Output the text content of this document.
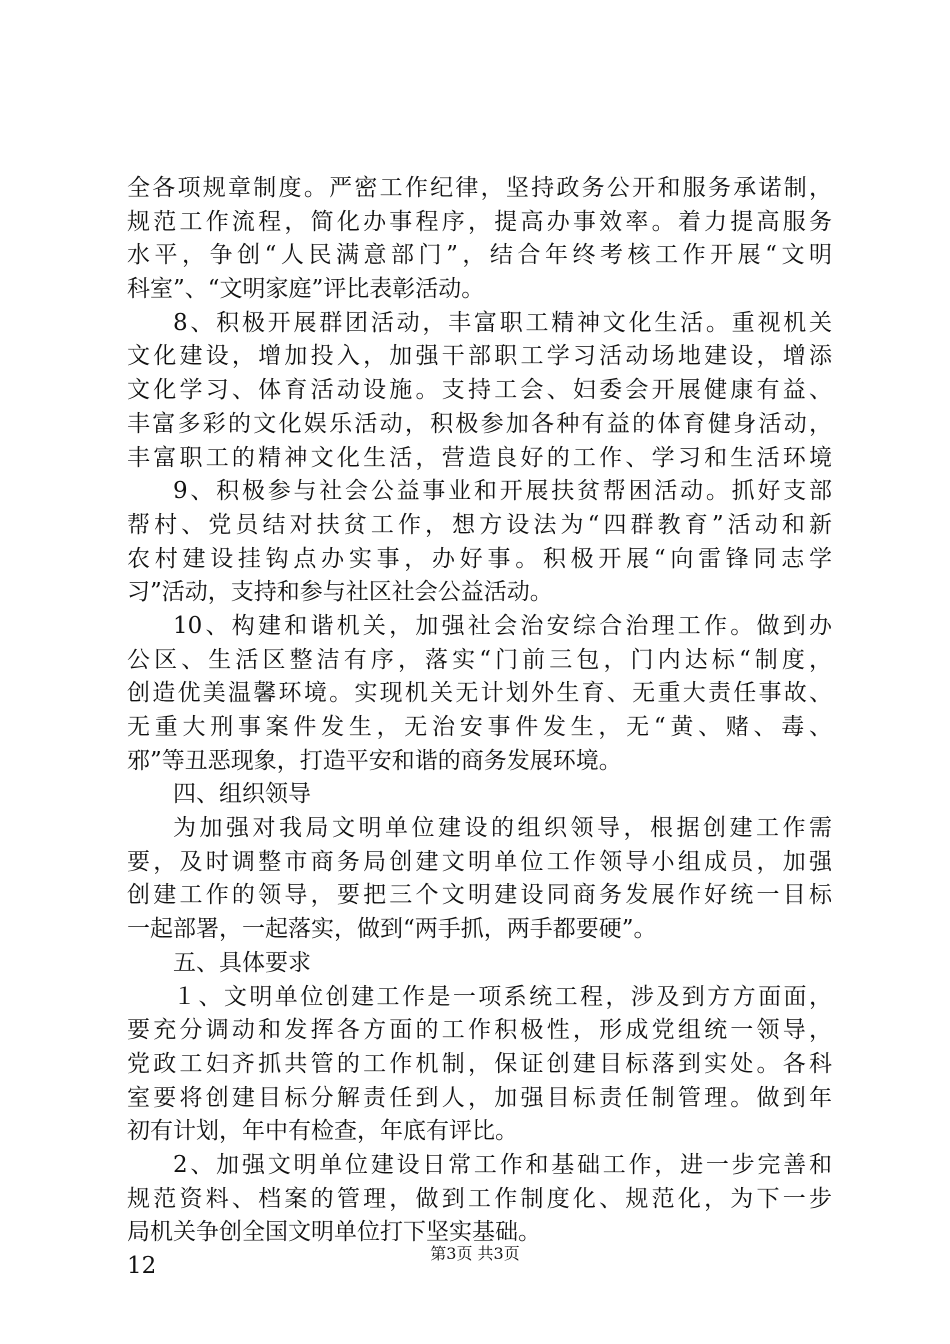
全各项规章制度。严密工作纪律，坚持政务公开和服务承诺制，
规范工作流程，简化办事程序，提高办事效率。着力提高服务
水平，争创“人民满意部门”，结合年终考核工作开展“文明
科室”、“文明家庭”评比表彰活动。
8、积极开展群团活动，丰富职工精神文化生活。重视机关
文化建设，增加投入，加强干部职工学习活动场地建设，增添
文化学习、体育活动设施。支持工会、妇委会开展健康有益、
丰富多彩的文化娱乐活动，积极参加各种有益的体育健身活动，
丰富职工的精神文化生活，营造良好的工作、学习和生活环境
9、积极参与社会公益事业和开展扶贫帮困活动。抓好支部
帮村、党员结对扶贫工作，想方设法为“四群教育”活动和新
农村建设挂钩点办实事，办好事。积极开展“向雷锋同志学
习”活动，支持和参与社区社会公益活动。
10、构建和谐机关，加强社会治安综合治理工作。做到办
公区、生活区整洁有序，落实“门前三包，门内达标“制度，
创造优美温馨环境。实现机关无计划外生育、无重大责任事故、
无重大刑事案件发生，无治安事件发生，无“黄、赌、毒、
邪”等丑恶现象，打造平安和谐的商务发展环境。
四、组织领导
为加强对我局文明单位建设的组织领导，根据创建工作需
要，及时调整市商务局创建文明单位工作领导小组成员，加强
创建工作的领导，要把三个文明建设同商务发展作好统一目标
一起部署，一起落实，做到“两手抓，两手都要硬”。
五、具体要求
１、文明单位创建工作是一项系统工程，涉及到方方面面，
要充分调动和发挥各方面的工作积极性，形成党组统一领导，
党政工妇齐抓共管的工作机制，保证创建目标落到实处。各科
室要将创建目标分解责任到人，加强目标责任制管理。做到年
初有计划，年中有检查，年底有评比。
2、加强文明单位建设日常工作和基础工作，进一步完善和
规范资料、档案的管理，做到工作制度化、规范化，为下一步
局机关争创全国文明单位打下坚实基础。
12	第3页 共3页
